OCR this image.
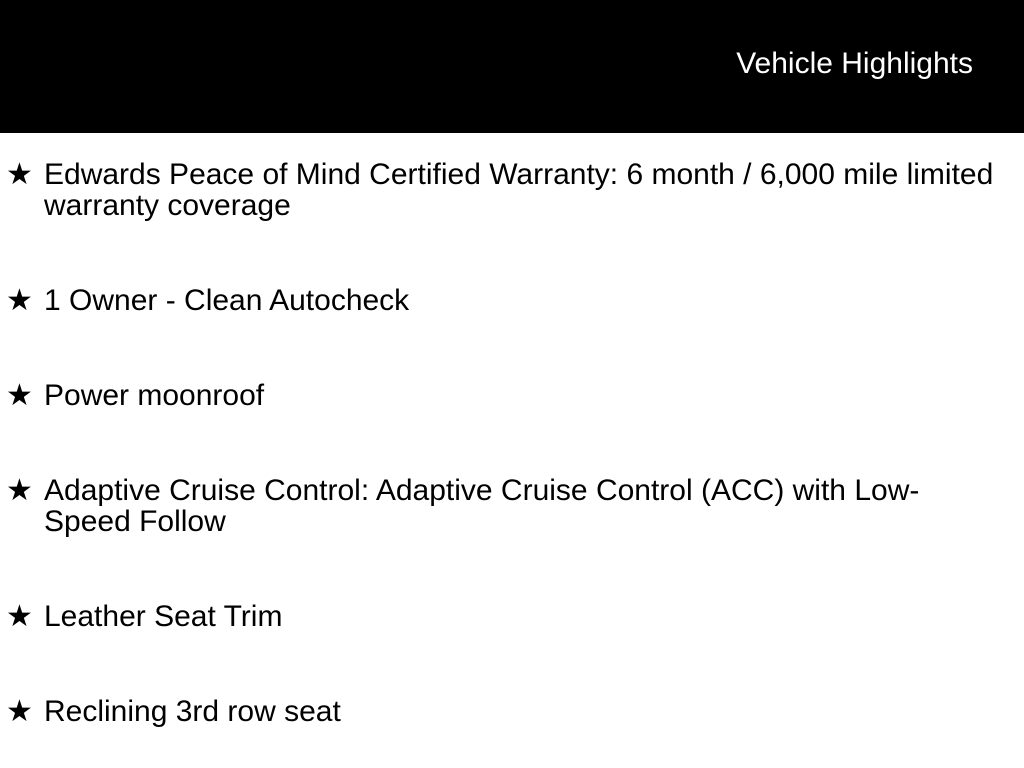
Vehicle Highlights
★ Edwards Peace of Mind Certified Warranty: 6 month / 6,000 mile limited warranty coverage
★ 1 Owner - Clean Autocheck
★ Power moonroof
★ Adaptive Cruise Control: Adaptive Cruise Control (ACC) with Low-Speed Follow
★ Leather Seat Trim
★ Reclining 3rd row seat
